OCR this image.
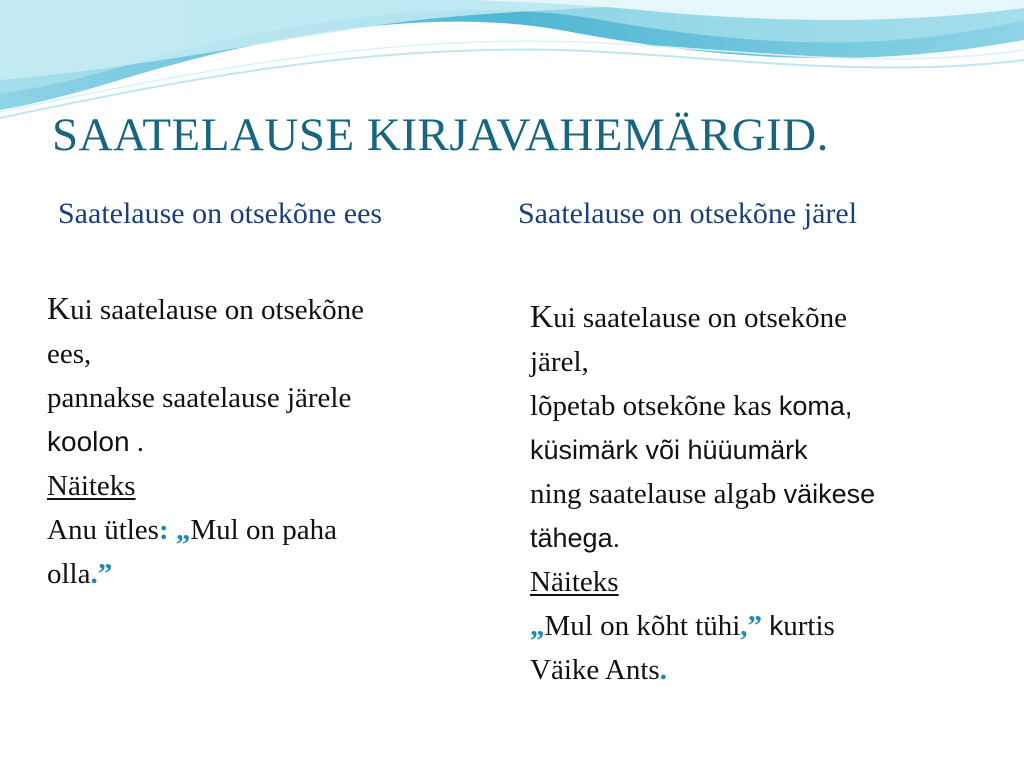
SAATELAUSE KIRJAVAHEMÄRGID.
Saatelause on otsekõne ees	Saatelause on otsekõne järel
Kui saatelause on otsekõne
ees,
pannakse saatelause järele
koolon .
Näiteks
Anu ütles: „Mul on paha
olla.”
Kui saatelause on otsekõne
järel,
lõpetab otsekõne kas koma,
küsimärk või hüüumärk
ning saatelause algab väikese
tähega.
Näiteks
„Mul on kõht tühi,” kurtis
Väike Ants.
